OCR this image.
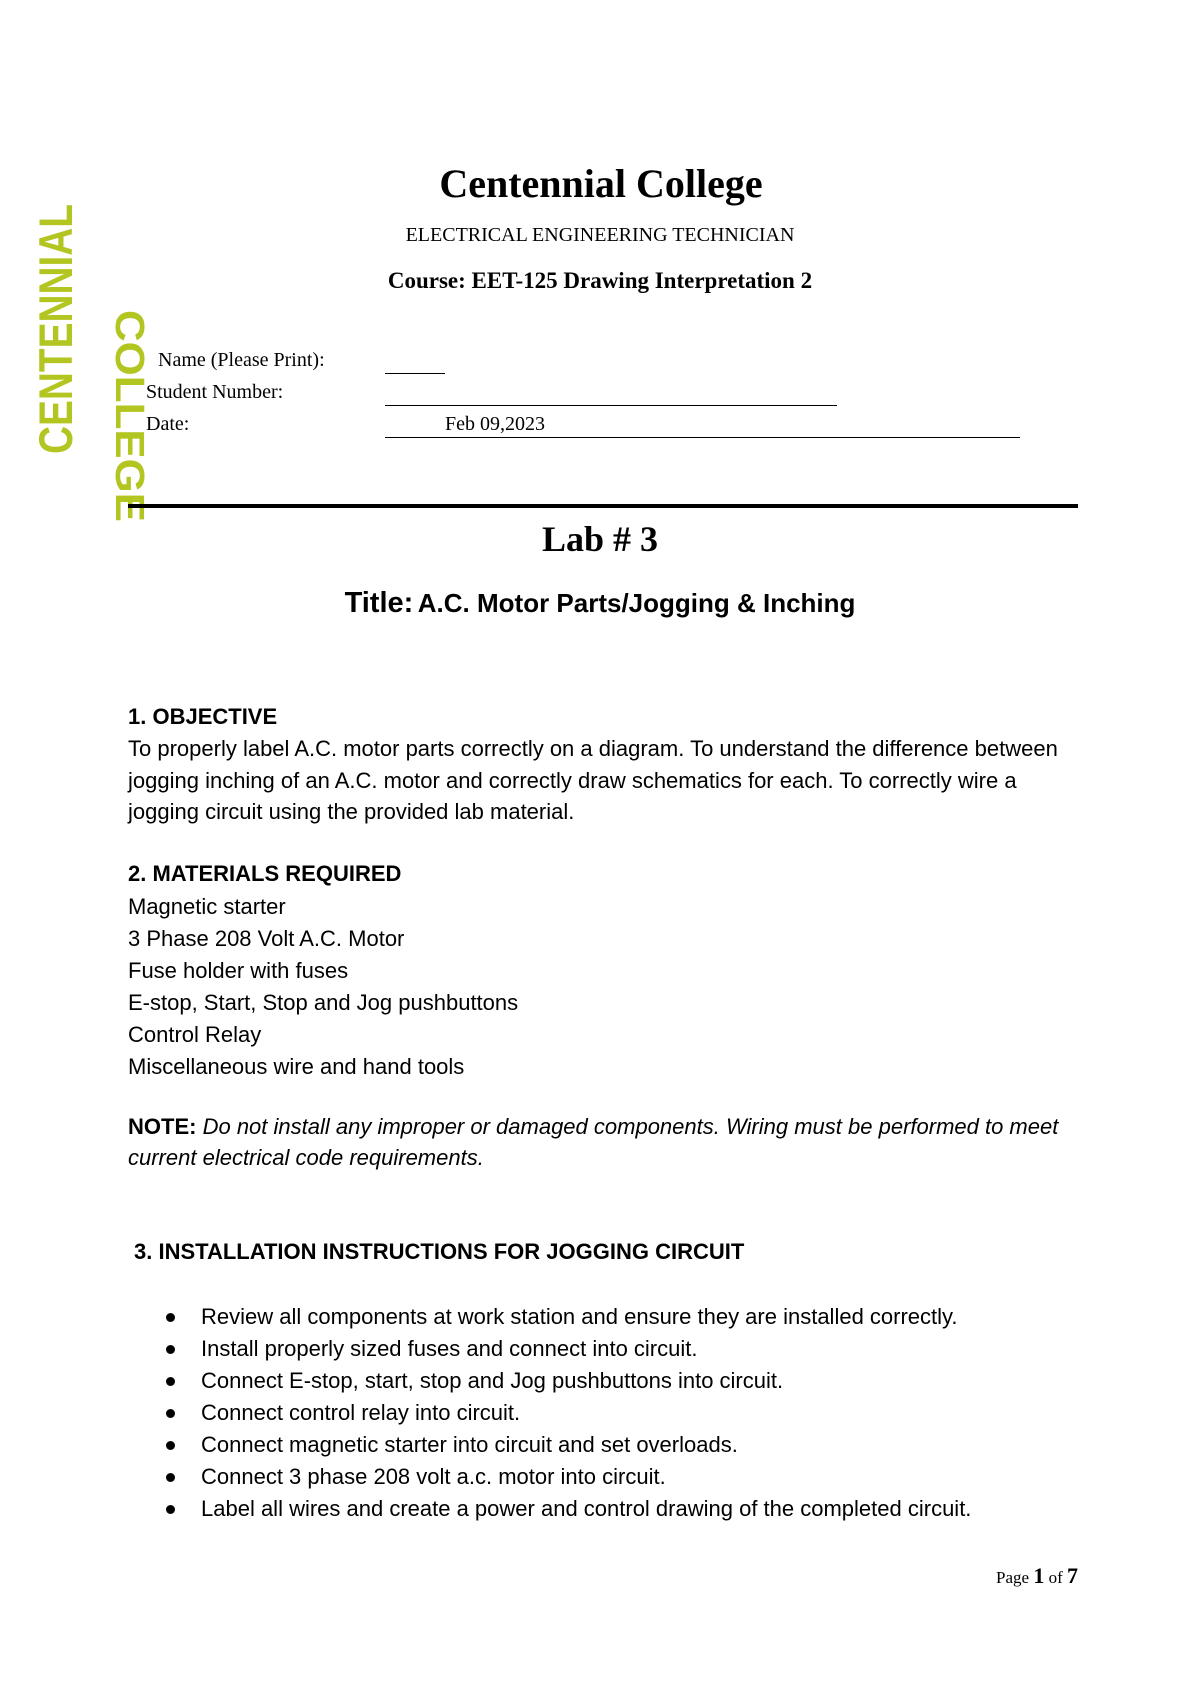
CENTENNIAL COLLEGE
Centennial College
ELECTRICAL ENGINEERING TECHNICIAN
Course: EET-125 Drawing Interpretation 2
Name (Please Print):
Student Number:
Date:	Feb 09,2023
Lab # 3
Title: A.C. Motor Parts/Jogging & Inching
1. OBJECTIVE
To properly label A.C. motor parts correctly on a diagram. To understand the difference between jogging inching of an A.C. motor and correctly draw schematics for each. To correctly wire a jogging circuit using the provided lab material.
2. MATERIALS REQUIRED
Magnetic starter
3 Phase 208 Volt A.C. Motor
Fuse holder with fuses
E-stop, Start, Stop and Jog pushbuttons
Control Relay
Miscellaneous wire and hand tools
NOTE: Do not install any improper or damaged components. Wiring must be performed to meet current electrical code requirements.
3. INSTALLATION INSTRUCTIONS FOR JOGGING CIRCUIT
Review all components at work station and ensure they are installed correctly.
Install properly sized fuses and connect into circuit.
Connect E-stop, start, stop and Jog pushbuttons into circuit.
Connect control relay into circuit.
Connect magnetic starter into circuit and set overloads.
Connect 3 phase 208 volt a.c. motor into circuit.
Label all wires and create a power and control drawing of the completed circuit.
Page 1 of 7
